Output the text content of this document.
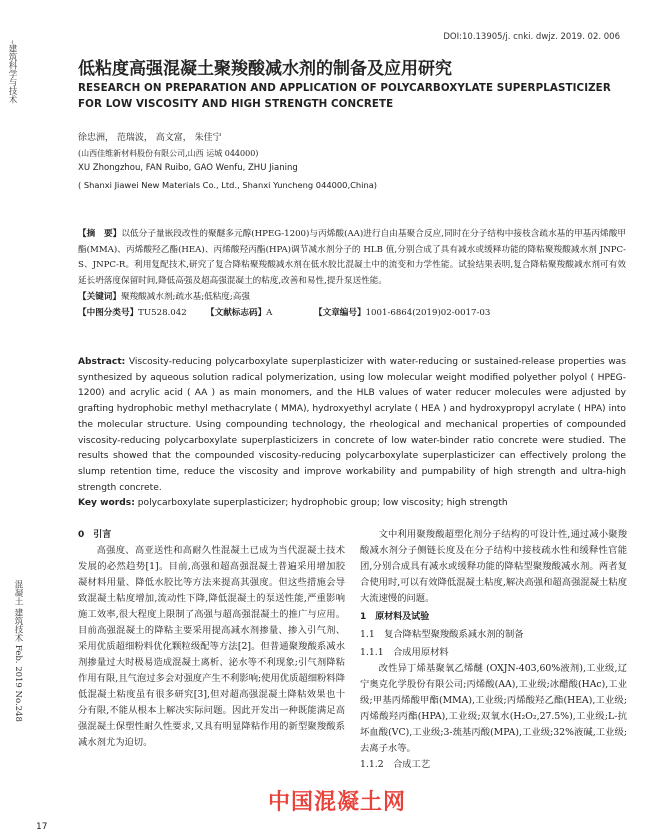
–建筑科学与技术
混凝土 建筑技术 Feb. 2019 No.248
DOI:10.13905/j. cnki. dwjz. 2019. 02. 006
低粘度高强混凝土聚羧酸减水剂的制备及应用研究
RESEARCH ON PREPARATION AND APPLICATION OF POLYCARBOXYLATE SUPERPLASTICIZER FOR LOW VISCOSITY AND HIGH STRENGTH CONCRETE
徐忠洲， 范瑞波， 高文富， 朱佳宁
(山西佳维新材料股份有限公司,山西 运城 044000)
XU Zhongzhou, FAN Ruibo, GAO Wenfu, ZHU Jianing
( Shanxi Jiawei New Materials Co., Ltd., Shanxi Yuncheng 044000,China)

【摘　要】以低分子量嵌段改性的聚醚多元醇(HPEG-1200)与丙烯酸(AA)进行自由基聚合反应,同时在分子结构中接枝含疏水基的甲基丙烯酸甲酯(MMA)、丙烯酸羟乙酯(HEA)、丙烯酸羟丙酯(HPA)调节减水剂分子的 HLB 值,分别合成了具有减水或缓释功能的降粘聚羧酸减水剂 JNPC-S、JNPC-R。利用复配技术,研究了复合降粘聚羧酸减水剂在低水胶比混凝土中的流变和力学性能。试验结果表明,复合降粘聚羧酸减水剂可有效延长坍落度保留时间,降低高强及超高强混凝土的粘度,改善和易性,提升泵送性能。

【关键词】聚羧酸减水剂;疏水基;低粘度;高强

【中图分类号】TU528.042 【文献标志码】A	【文章编号】1001-6864(2019)02-0017-03

Abstract: Viscosity-reducing polycarboxylate superplasticizer with water-reducing or sustained-release properties was synthesized by aqueous solution radical polymerization, using low molecular weight modified polyether polyol ( HPEG-1200) and acrylic acid ( AA ) as main monomers, and the HLB values of water reducer molecules were adjusted by grafting hydrophobic methyl methacrylate ( MMA), hydroxyethyl acrylate ( HEA ) and hydroxypropyl acrylate ( HPA) into the molecular structure. Using compounding technology, the rheological and mechanical properties of compounded viscosity-reducing polycarboxylate superplasticizers in concrete of low water-binder ratio concrete were studied. The results showed that the compounded viscosity-reducing polycarboxylate superplasticizer can effectively prolong the slump retention time, reduce the viscosity and improve workability and pumpability of high strength and ultra-high strength concrete.

Key words: polycarboxylate superplasticizer; hydrophobic group; low viscosity; high strength

0　引言

高强度、高亚送性和高耐久性混凝土已成为当代混凝土技术发展的必然趋势[1]。目前,高强和超高强混凝土普遍采用增加胶凝材料用量、降低水胶比等方法来提高其强度。但这些措施会导致混凝土粘度增加,流动性下降,降低混凝土的泵送性能,严重影响施工效率,很大程度上限制了高强与超高强混凝土的推广与应用。目前高强混凝土的降粘主要采用提高减水剂掺量、掺入引气剂、采用优质超细粉料优化颗粒级配等方法[2]。但普通聚羧酸系减水剂掺量过大时极易造成混凝土离析、泌水等不利现象;引气剂降粘作用有限,且气泡过多会对强度产生不利影响;使用优质超细粉料降低混凝土粘度虽有很多研究[3],但对超高强混凝土降粘效果也十分有限,不能从根本上解决实际问题。因此开发出一种既能满足高强混凝土保塑性耐久性要求,又具有明显降粘作用的新型聚羧酸系减水剂尤为迫切。

文中利用聚羧酸超塑化剂分子结构的可设计性,通过减小聚羧酸减水剂分子侧链长度及在分子结构中接枝疏水性和缓释性官能团,分别合成具有减水或缓释功能的降粘型聚羧酸减水剂。两者复合使用时,可以有效降低混凝土粘度,解决高强和超高强混凝土粘度大流速慢的问题。

1　原材料及试验

1.1　复合降粘型聚羧酸系减水剂的制备

1.1.1　合成用原材料

改性异丁烯基聚氧乙烯醚 (OXJN-403,60%液剂),工业级,辽宁奥克化学股份有限公司;丙烯酸(AA),工业级;冰醋酸(HAc),工业级;甲基丙烯酸甲酯(MMA),工业级;丙烯酸羟乙酯(HEA),工业级;丙烯酸羟丙酯(HPA),工业级;双氧水(H₂O₂,27.5%),工业级;L-抗坏血酸(VC),工业级;3-巯基丙酸(MPA),工业级;32%液碱,工业级;去离子水等。

1.1.2　合成工艺

17
中国混凝土网
